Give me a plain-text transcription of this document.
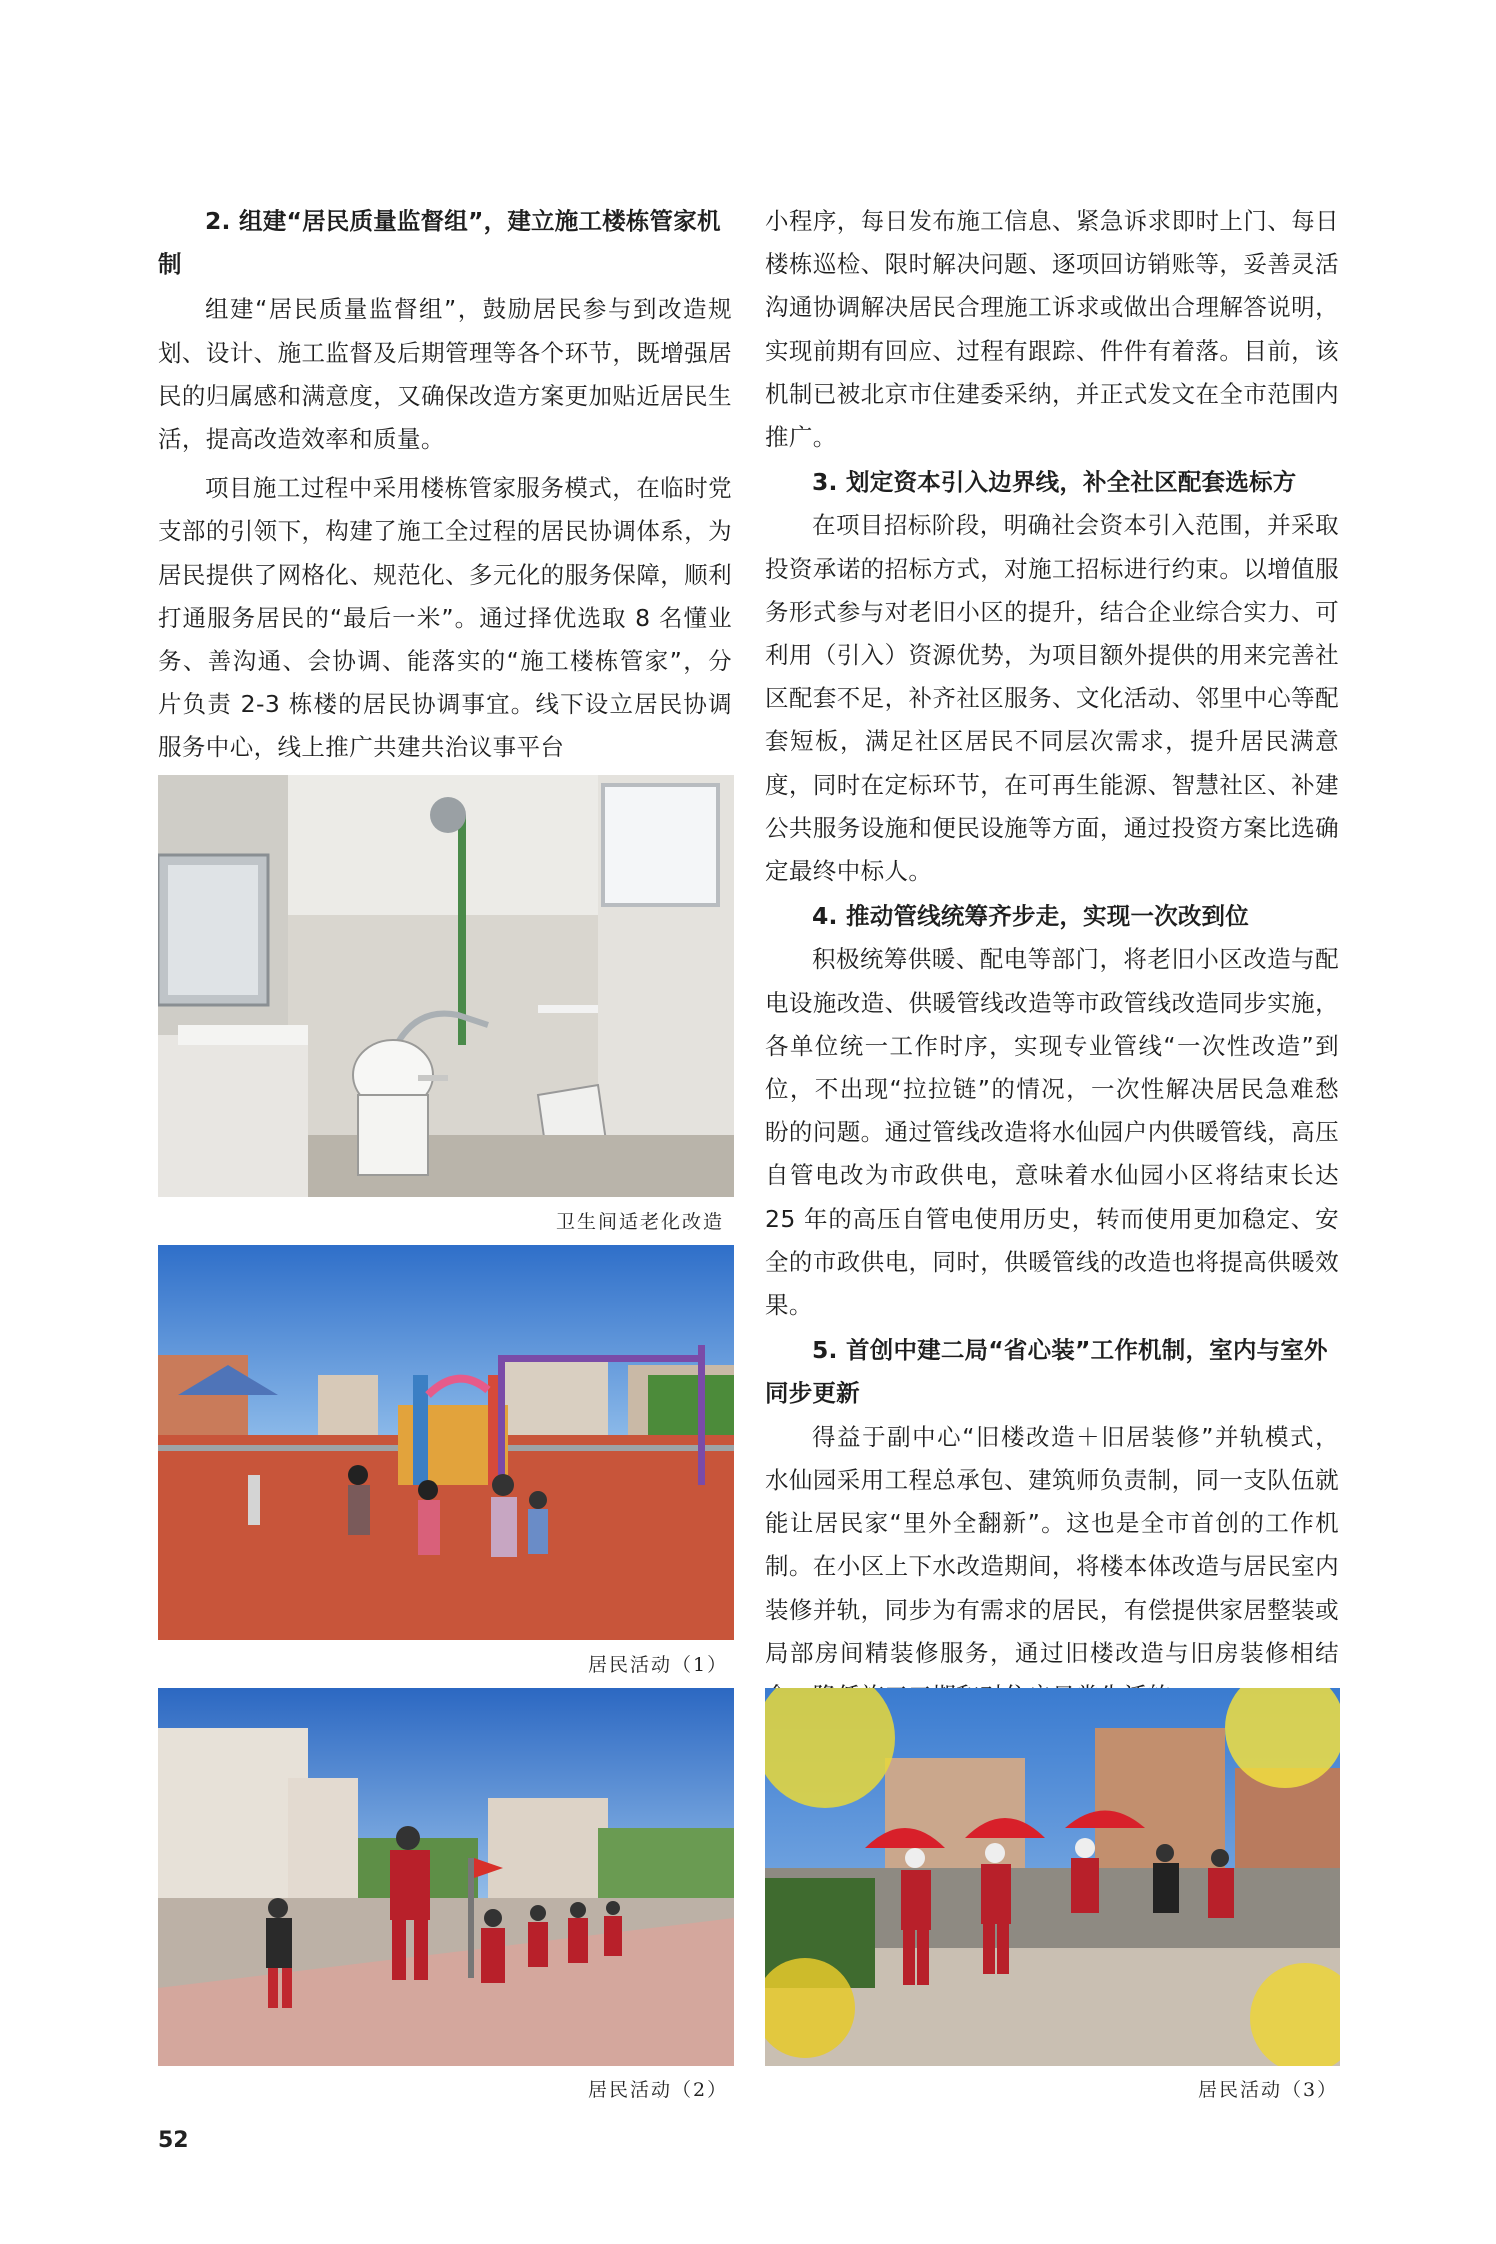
2. 组建“居民质量监督组”，建立施工楼栋管家机制

组建“居民质量监督组”，鼓励居民参与到改造规划、设计、施工监督及后期管理等各个环节，既增强居民的归属感和满意度，又确保改造方案更加贴近居民生活，提高改造效率和质量。

项目施工过程中采用楼栋管家服务模式，在临时党支部的引领下，构建了施工全过程的居民协调体系，为居民提供了网格化、规范化、多元化的服务保障，顺利打通服务居民的“最后一米”。通过择优选取 8 名懂业务、善沟通、会协调、能落实的“施工楼栋管家”，分片负责 2-3 栋楼的居民协调事宜。线下设立居民协调服务中心，线上推广共建共治议事平台

小程序，每日发布施工信息、紧急诉求即时上门、每日楼栋巡检、限时解决问题、逐项回访销账等，妥善灵活沟通协调解决居民合理施工诉求或做出合理解答说明，实现前期有回应、过程有跟踪、件件有着落。目前，该机制已被北京市住建委采纳，并正式发文在全市范围内推广。

3. 划定资本引入边界线，补全社区配套选标方

在项目招标阶段，明确社会资本引入范围，并采取投资承诺的招标方式，对施工招标进行约束。以增值服务形式参与对老旧小区的提升，结合企业综合实力、可利用（引入）资源优势，为项目额外提供的用来完善社区配套不足，补齐社区服务、文化活动、邻里中心等配套短板，满足社区居民不同层次需求，提升居民满意度，同时在定标环节，在可再生能源、智慧社区、补建公共服务设施和便民设施等方面，通过投资方案比选确定最终中标人。

4. 推动管线统筹齐步走，实现一次改到位

积极统筹供暖、配电等部门，将老旧小区改造与配电设施改造、供暖管线改造等市政管线改造同步实施，各单位统一工作时序，实现专业管线“一次性改造”到位，不出现“拉拉链”的情况，一次性解决居民急难愁盼的问题。通过管线改造将水仙园户内供暖管线，高压自管电改为市政供电，意味着水仙园小区将结束长达 25 年的高压自管电使用历史，转而使用更加稳定、安全的市政供电，同时，供暖管线的改造也将提高供暖效果。

5. 首创中建二局“省心装”工作机制，室内与室外同步更新

得益于副中心“旧楼改造＋旧居装修”并轨模式，水仙园采用工程总承包、建筑师负责制，同一支队伍就能让居民家“里外全翻新”。这也是全市首创的工作机制。在小区上下水改造期间，将楼本体改造与居民室内装修并轨，同步为有需求的居民，有偿提供家居整装或局部房间精装修服务，通过旧楼改造与旧房装修相结

卫生间适老化改造
居民活动（1）
居民活动（2）	居民活动（3）
52
